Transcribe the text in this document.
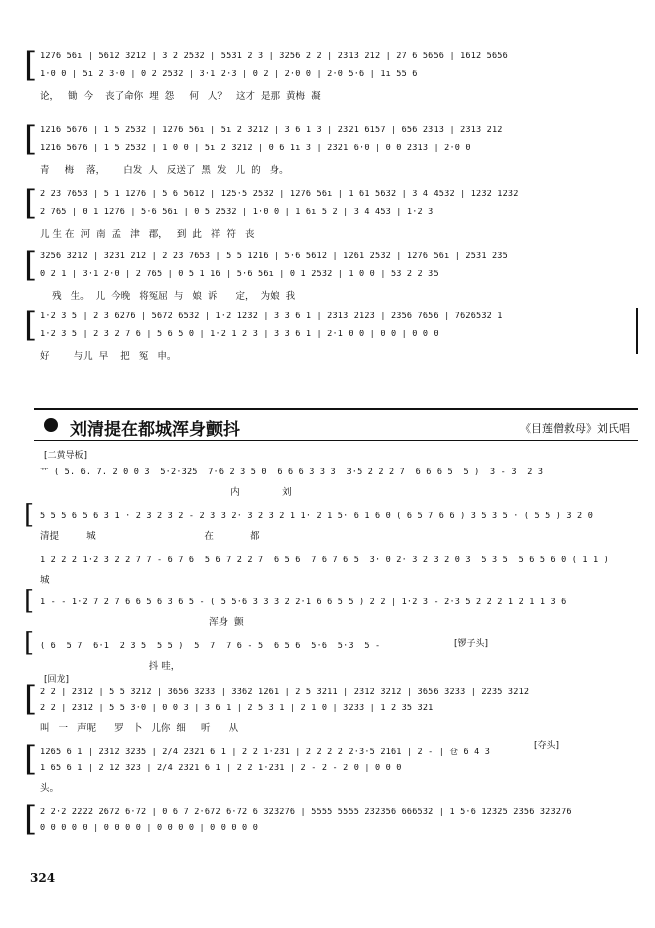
[ 1276 56i | 5612 3212 | 3 2 2532 | 5531 2 3 | 3256 2 2 | 2313 212 | 27 6 5656 | 1612 5656
1·0 0 | 5i 2 3·0 | 0 2 2532 | 3·1 2·3 | 0 2 | 2·0 0 | 2·0 5·6 | 1i 55 6
论，   锄  今    丧了命你  埋  怨     何   人？   这才  是那  黄梅  凝
[ 1216 5676 | 1 5 2532 | 1276 56i | 5i 2 3212 | 3 6 1 3 | 2321 6157 | 656 2313 | 2313 212
1216 5676 | 1 5 2532 | 1 0 0 | 5i 2 3212 | 0 6 1i 3 | 2321 6·0 | 0 0 2313 | 2·0 0
青     梅    落，      白发  人   反送了  黑  发   儿  的   身。
[ 2 23 7653 | 5 1 1276 | 5 6 5612 | 125·5 2532 | 1276 56i | 1 61 5632 | 3 4 4532 | 1232 1232
2 765 | 0 1 1276 | 5·6 56i | 0 5 2532 | 1·0 0 | 1 6i 5 2 | 3 4 453 | 1·2 3
儿 生 在  河  南  孟   津   郡，   到  此   祥  符   丧
[ 3256 3212 | 3231 212 | 2 23 7653 | 5 5 1216 | 5·6 5612 | 1261 2532 | 1276 56i | 2531 235
0 2 1 | 3·1 2·0 | 2 765 | 0 5 1 16 | 5·6 56i | 0 1 2532 | 1 0 0 | 53 2 2 35
残   生。  儿  今晚   将冤屈  与   娘  诉      定，  为娘  我
[ 1·2 3 5 | 2 3 6276 | 5672 6532 | 1·2 1232 | 3 3 6 1 | 2313 2123 | 2356 7656 | 7626532 1
1·2 3 5 | 2 3 2 7 6 | 5 6 5 0 | 1·2 1 2 3 | 3 3 6 1 | 2·1 0 0 | 0 0 | 0 0 0
好        与儿  早    把   冤   申。
刘清提在都城浑身颤抖	《目莲僧救母》刘氏唱
[二黄导板]
艹 ( 5. 6. 7. 2 0 0 3  5·2·325  7·6 2 3 5 0  6 6 6 3 3 3  3·5 2 2 2 7  6 6 6 5  5 )  3 - 3  2 3
内              刘
[ 5 5 5 6 5 6 3 1 · 2 3 2 3 2 - 2 3 3 2· 3 2 3 2 1 1· 2 1 5· 6 1 6 0 ( 6 5 7 6 6 ) 3 5 3 5 · ( 5 5 ) 3 2 0
清提         城                                    在            都
1 2 2 2 1·2 3 2 2 7 7 - 6 7 6  5 6 7 2 2 7  6 5 6  7 6 7 6 5  3· 0 2· 3 2 3 2 0 3  5 3 5  5 6 5 6 0 ( 1 1 )
城
[ 1 - - 1·2 7 2 7 6 6 5 6 3 6 5 - ( 5 5·6 3 3 3 2 2·1 6 6 5 5 ) 2 2 | 1·2 3 - 2·3 5 2 2 2 1 2 1 1 3 6
浑身  颤
[ ( 6  5 7  6·1  2 3 5  5 5 )  5  7  7 6 - 5  6 5 6  5·6  5·3  5 -
抖 哇，
[锣子头]
[回龙]
[ 2 2 | 2312 | 5 5 3212 | 3656 3233 | 3362 1261 | 2 5 3211 | 2312 3212 | 3656 3233 | 2235 3212
2 2 | 2312 | 5 5 3·0 | 0 0 3 | 3 6 1 | 2 5 3 1 | 2 1 0 | 3233 | 1 2 35 321
叫   一   声呢      罗   卜   儿你  细     听      从
[ 1265 6 1 | 2312 3235 | 2/4 2321 6 1 | 2 2 1·231 | 2 2 2 2 2·3·5 2161 | 2 - | 仓 6 4 3
1 65 6 1 | 2 12 323 | 2/4 2321 6 1 | 2 2 1·231 | 2 - 2 - 2 0 | 0 0 0
头。
[夺头]
[ 2 2·2 2222 2672 6·72 | 0 6 7 2·672 6·72 6 323276 | 5555 5555 232356 666532 | 1 5·6 12325 2356 323276
0 0 0 0 0 | 0 0 0 0 | 0 0 0 0 | 0 0 0 0 0
324
